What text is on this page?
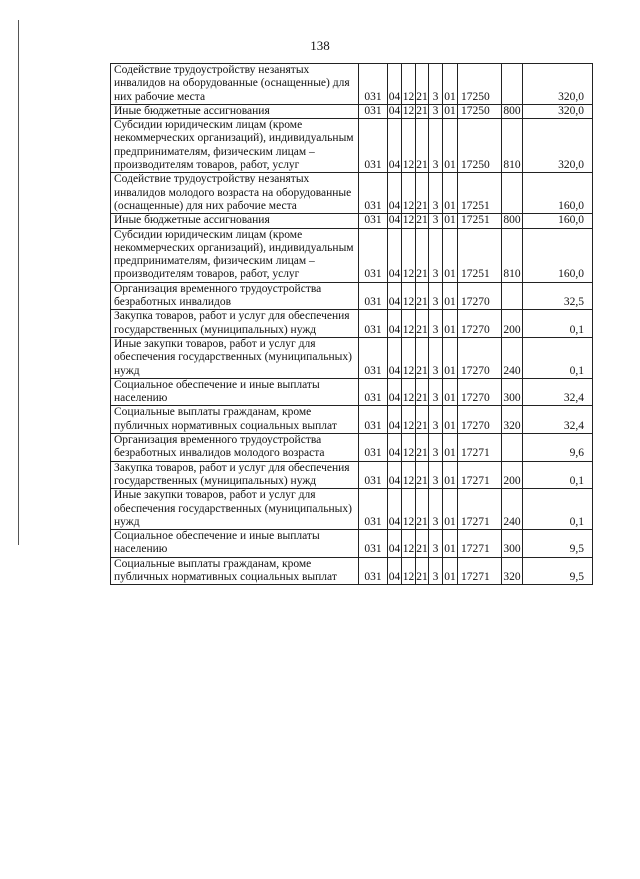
138
Содействие трудоустройству незанятых инвалидов на оборудованные (оснащенные) для них рабочие места	031	04	12	21	3	01	17250		320,0
Иные бюджетные ассигнования	031	04	12	21	3	01	17250	800	320,0
Субсидии юридическим лицам (кроме некоммерческих организаций), индивидуальным предпринимателям, физическим лицам – производителям товаров, работ, услуг	031	04	12	21	3	01	17250	810	320,0
Содействие трудоустройству незанятых инвалидов молодого возраста на оборудованные (оснащенные) для них рабочие места	031	04	12	21	3	01	17251		160,0
Иные бюджетные ассигнования	031	04	12	21	3	01	17251	800	160,0
Субсидии юридическим лицам (кроме некоммерческих организаций), индивидуальным предпринимателям, физическим лицам – производителям товаров, работ, услуг	031	04	12	21	3	01	17251	810	160,0
Организация временного трудоустройства безработных инвалидов	031	04	12	21	3	01	17270		32,5
Закупка товаров, работ и услуг для обеспечения государственных (муниципальных) нужд	031	04	12	21	3	01	17270	200	0,1
Иные закупки товаров, работ и услуг для обеспечения государственных (муниципальных) нужд	031	04	12	21	3	01	17270	240	0,1
Социальное обеспечение и иные выплаты населению	031	04	12	21	3	01	17270	300	32,4
Социальные выплаты гражданам, кроме публичных нормативных социальных выплат	031	04	12	21	3	01	17270	320	32,4
Организация временного трудоустройства безработных инвалидов молодого возраста	031	04	12	21	3	01	17271		9,6
Закупка товаров, работ и услуг для обеспечения государственных (муниципальных) нужд	031	04	12	21	3	01	17271	200	0,1
Иные закупки товаров, работ и услуг для обеспечения государственных (муниципальных) нужд	031	04	12	21	3	01	17271	240	0,1
Социальное обеспечение и иные выплаты населению	031	04	12	21	3	01	17271	300	9,5
Социальные выплаты гражданам, кроме публичных нормативных социальных выплат	031	04	12	21	3	01	17271	320	9,5
